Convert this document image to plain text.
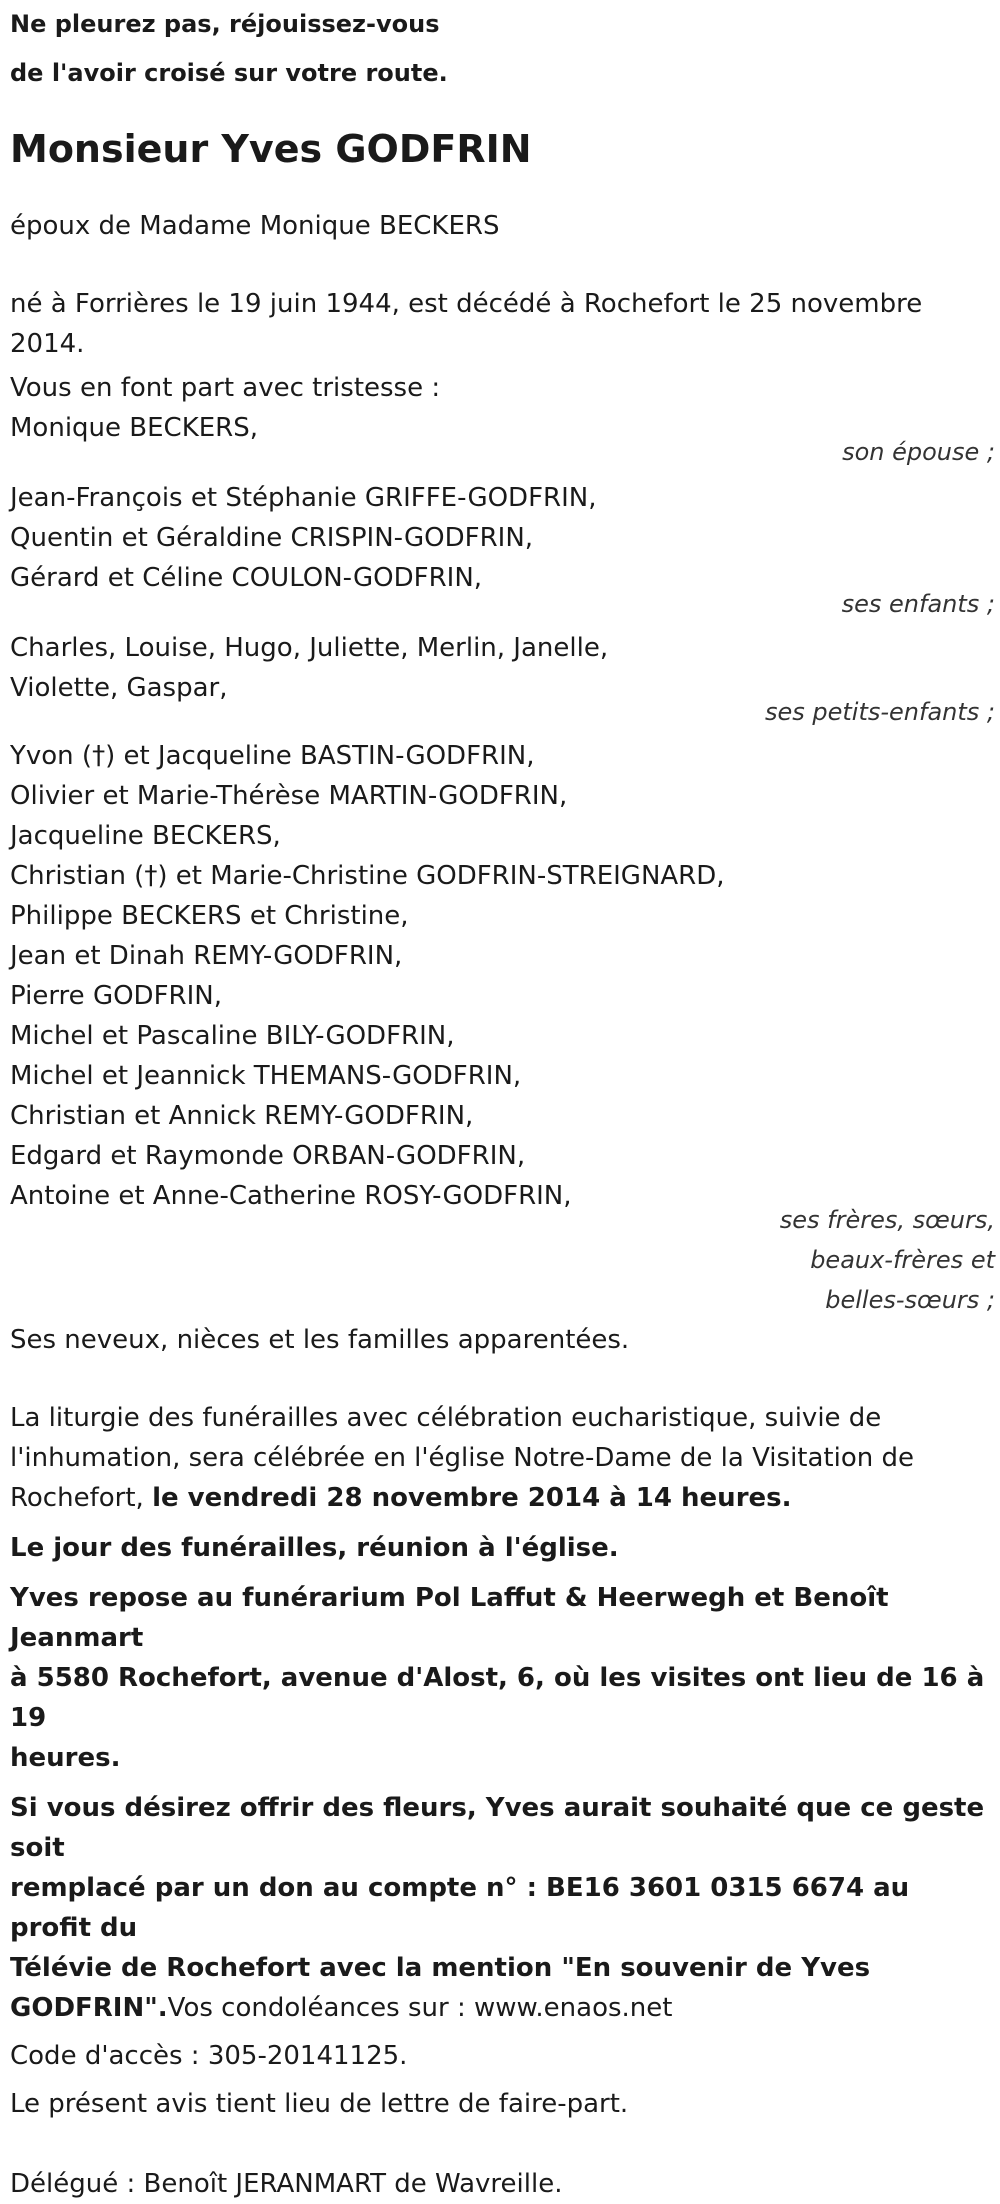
Ne pleurez pas, réjouissez-vous
de l'avoir croisé sur votre route.
Monsieur Yves GODFRIN
époux de Madame Monique BECKERS
né à Forrières le 19 juin 1944, est décédé à Rochefort le 25 novembre
2014.
Vous en font part avec tristesse :
Monique BECKERS,
son épouse ;
Jean-François et Stéphanie GRIFFE-GODFRIN,
Quentin et Géraldine CRISPIN-GODFRIN,
Gérard et Céline COULON-GODFRIN,
ses enfants ;
Charles, Louise, Hugo, Juliette, Merlin, Janelle,
Violette, Gaspar,
ses petits-enfants ;
Yvon (†) et Jacqueline BASTIN-GODFRIN,
Olivier et Marie-Thérèse MARTIN-GODFRIN,
Jacqueline BECKERS,
Christian (†) et Marie-Christine GODFRIN-STREIGNARD,
Philippe BECKERS et Christine,
Jean et Dinah REMY-GODFRIN,
Pierre GODFRIN,
Michel et Pascaline BILY-GODFRIN,
Michel et Jeannick THEMANS-GODFRIN,
Christian et Annick REMY-GODFRIN,
Edgard et Raymonde ORBAN-GODFRIN,
Antoine et Anne-Catherine ROSY-GODFRIN,
ses frères, sœurs,
beaux-frères et
belles-sœurs ;
Ses neveux, nièces et les familles apparentées.
La liturgie des funérailles avec célébration eucharistique, suivie de
l'inhumation, sera célébrée en l'église Notre-Dame de la Visitation de
Rochefort, le vendredi 28 novembre 2014 à 14 heures.
Le jour des funérailles, réunion à l'église.
Yves repose au funérarium Pol Laffut & Heerwegh et Benoît Jeanmart
à 5580 Rochefort, avenue d'Alost, 6, où les visites ont lieu de 16 à 19
heures.
Si vous désirez offrir des fleurs, Yves aurait souhaité que ce geste soit
remplacé par un don au compte n° : BE16 3601 0315 6674 au profit du
Télévie de Rochefort avec la mention "En souvenir de Yves
GODFRIN".Vos condoléances sur : www.enaos.net
Code d'accès : 305-20141125.
Le présent avis tient lieu de lettre de faire-part.
Délégué : Benoît JERANMART de Wavreille.
